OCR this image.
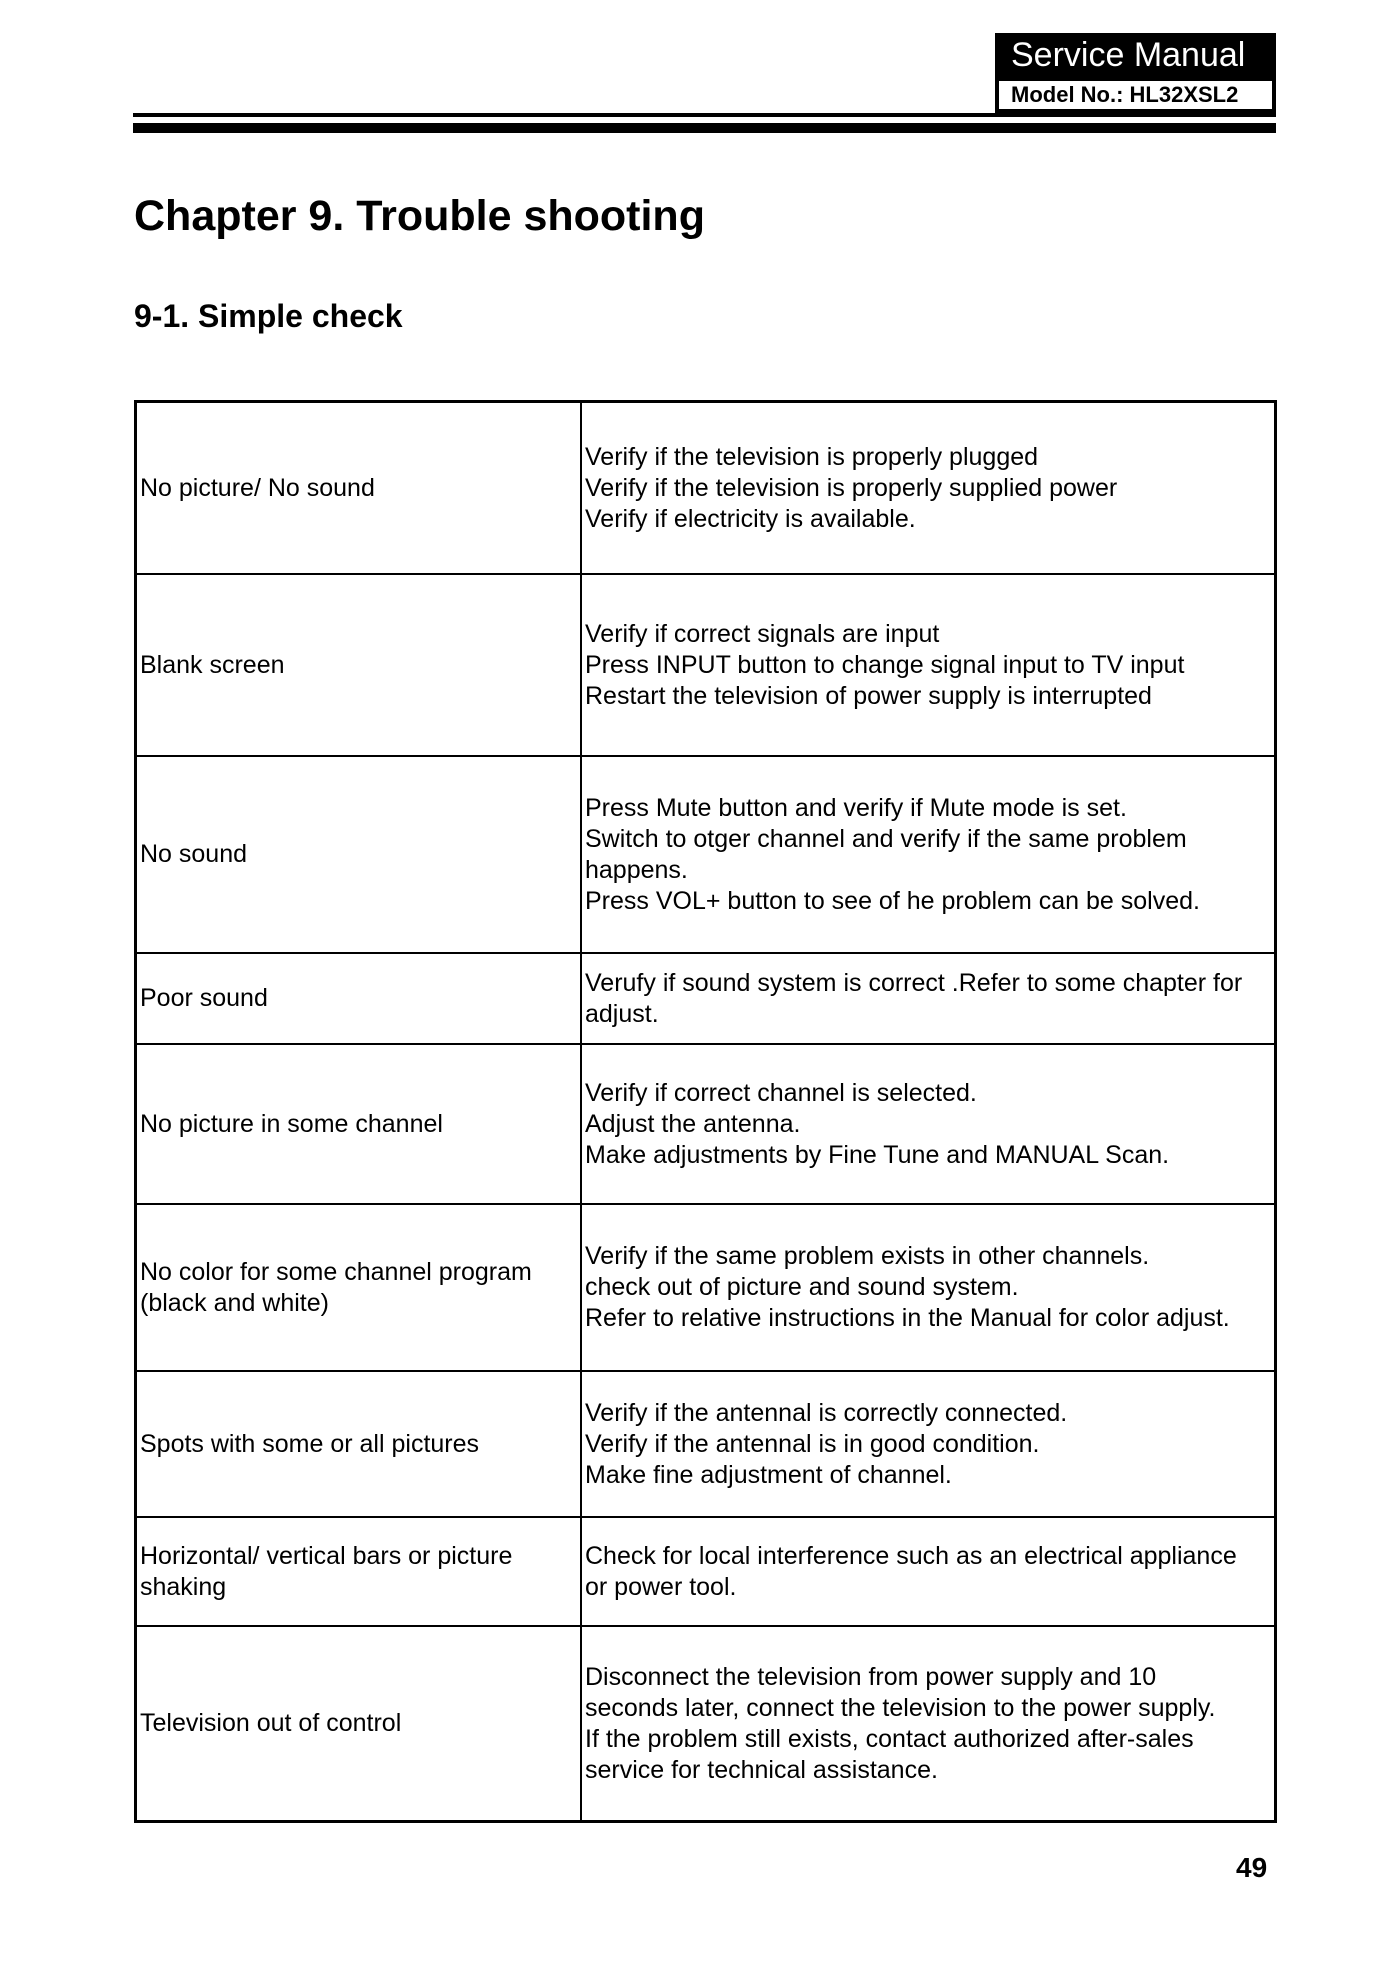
Service Manual
Model No.: HL32XSL2
Chapter 9. Trouble shooting
9-1. Simple check
No picture/ No sound
Verify if the television is properly plugged
Verify if the television is properly supplied power
Verify if electricity is available.
Blank screen
Verify if correct signals are input
Press INPUT button to change signal input to TV input
Restart the television of power supply is interrupted
No sound
Press Mute button and verify if Mute mode is set.
Switch to otger channel and verify if the same problem
happens.
Press VOL+ button to see of he problem can be solved.
Poor sound
Verufy if sound system is correct .Refer to some chapter for
adjust.
No picture in some channel
Verify if correct channel is selected.
Adjust the antenna.
Make adjustments by Fine Tune and MANUAL Scan.
No color for some channel program
(black and white)
Verify if the same problem exists in other channels.
check out of picture and sound system.
Refer to relative instructions in the Manual for color adjust.
Spots with some or all pictures
Verify if the antennal is correctly connected.
Verify if the antennal is in good condition.
Make fine adjustment of channel.
Horizontal/ vertical bars or picture
shaking
Check for local interference such as an electrical appliance
or power tool.
Television out of control
Disconnect the television from power supply and 10
seconds later, connect the television to the power supply.
If the problem still exists, contact authorized after-sales
service for technical assistance.
49
